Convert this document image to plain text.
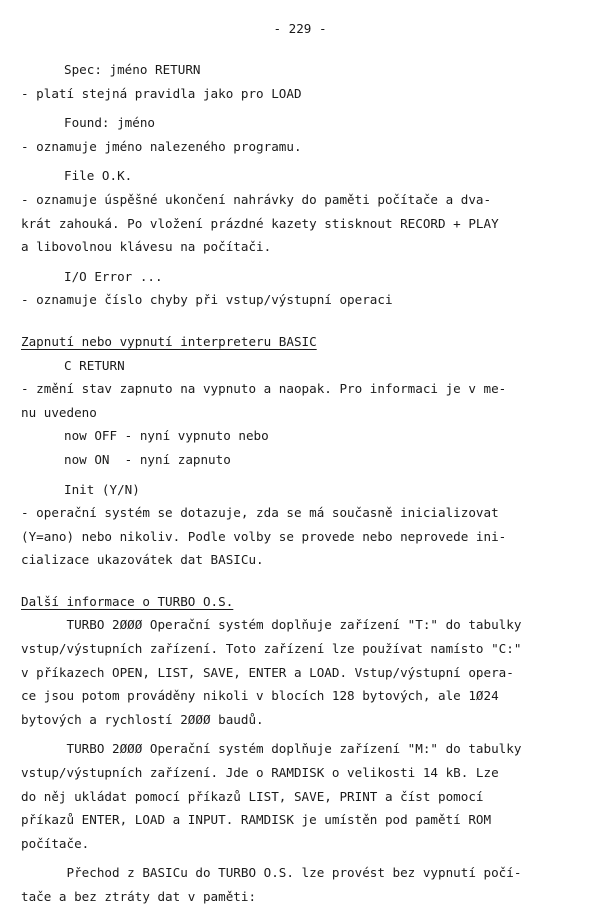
- 229 -
Spec: jméno RETURN
- platí stejná pravidla jako pro LOAD
Found: jméno
- oznamuje jméno nalezeného programu.
File O.K.
- oznamuje úspěšné ukončení nahrávky do paměti počítače a dva-
krát zahouká. Po vložení prázdné kazety stisknout RECORD + PLAY
a libovolnou klávesu na počítači.
I/O Error ...
- oznamuje číslo chyby při vstup/výstupní operaci
Zapnutí nebo vypnutí interpreteru BASIC
C RETURN
- změní stav zapnuto na vypnuto a naopak. Pro informaci je v me-
nu uvedeno
now OFF - nyní vypnuto nebo
now ON  - nyní zapnuto
Init (Y/N)
- operační systém se dotazuje, zda se má současně inicializovat
(Y=ano) nebo nikoliv. Podle volby se provede nebo neprovede ini-
cializace ukazovátek dat BASICu.
Další informace o TURBO O.S.
TURBO 2ØØØ Operační systém doplňuje zařízení "T:" do tabulky
vstup/výstupních zařízení. Toto zařízení lze používat namísto "C:"
v příkazech OPEN, LIST, SAVE, ENTER a LOAD. Vstup/výstupní opera-
ce jsou potom prováděny nikoli v blocích 128 bytových, ale 1Ø24
bytových a rychlostí 2ØØØ baudů.
TURBO 2ØØØ Operační systém doplňuje zařízení "M:" do tabulky
vstup/výstupních zařízení. Jde o RAMDISK o velikosti 14 kB. Lze
do něj ukládat pomocí příkazů LIST, SAVE, PRINT a číst pomocí
příkazů ENTER, LOAD a INPUT. RAMDISK je umístěn pod pamětí ROM
počítače.
Přechod z BASICu do TURBO O.S. lze provést bez vypnutí počí-
tače a bez ztráty dat v paměti:
